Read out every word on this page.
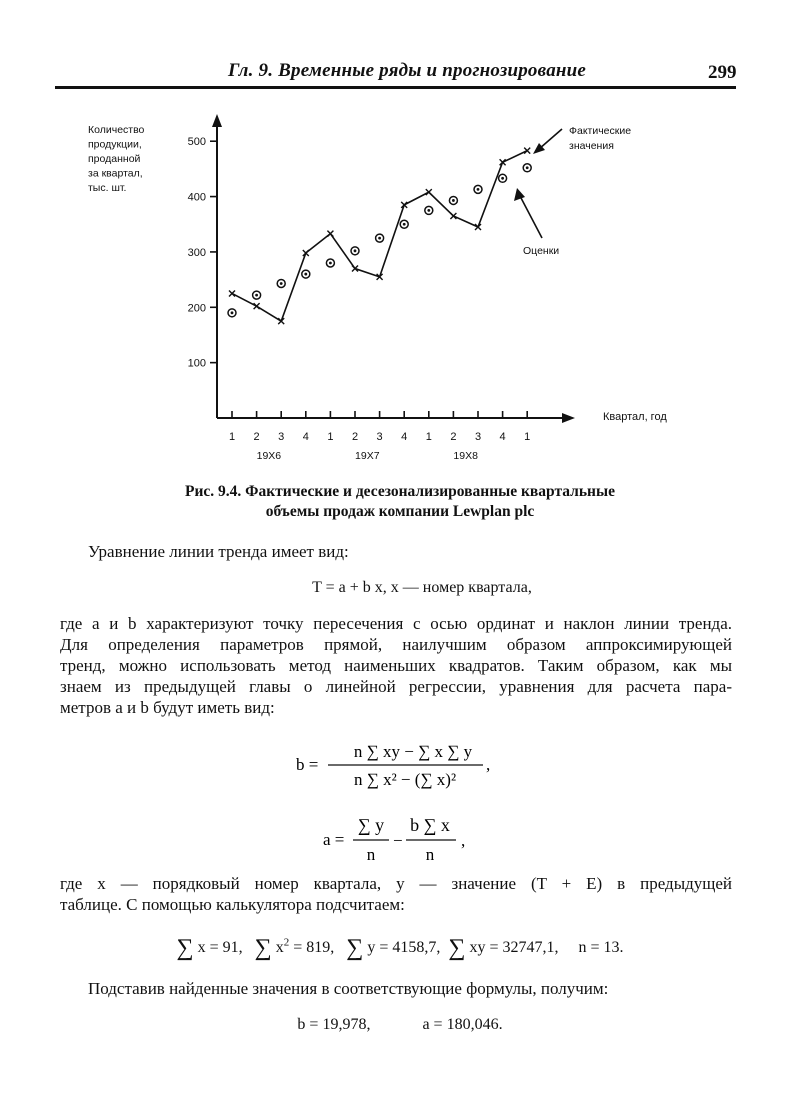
Гл. 9. Временные ряды и прогнозирование	299
Количество
продукции,
проданной
за квартал,
тыс. шт.
100
200
300
400
500
1 2 3 4 1 2 3 4 1 2 3 4 1
19X6	19X7	19X8
Квартал, год
Фактические
значения
Оценки
Рис. 9.4. Фактические и десезонализированные квартальные
объемы продаж компании Lewplan plc

Уравнение линии тренда имеет вид:

T = a + b x, x — номер квартала,
где a и b характеризуют точку пересечения с осью ординат и наклон линии тренда.
Для определения параметров прямой, наилучшим образом аппроксимирующей
тренд, можно использовать метод наименьших квадратов. Таким образом, как мы
знаем из предыдущей главы о линейной регрессии, уравнения для расчета пара-
метров a и b будут иметь вид:
b =
n ∑ xy − ∑ x ∑ y
n ∑ x² − (∑ x)²
,
a =
∑ y
n
−
b ∑ x
n
,
где x — порядковый номер квартала, y — значение (T + E) в предыдущей
таблице. С помощью калькулятора подсчитаем:
∑ x = 91, ∑ $x^2 = 819$, ∑ y = 4158,7, ∑ xy = 32747,1, n = 13.

Подставив найденные значения в соответствующие формулы, получим:

b = 19,978,	a = 180,046.
